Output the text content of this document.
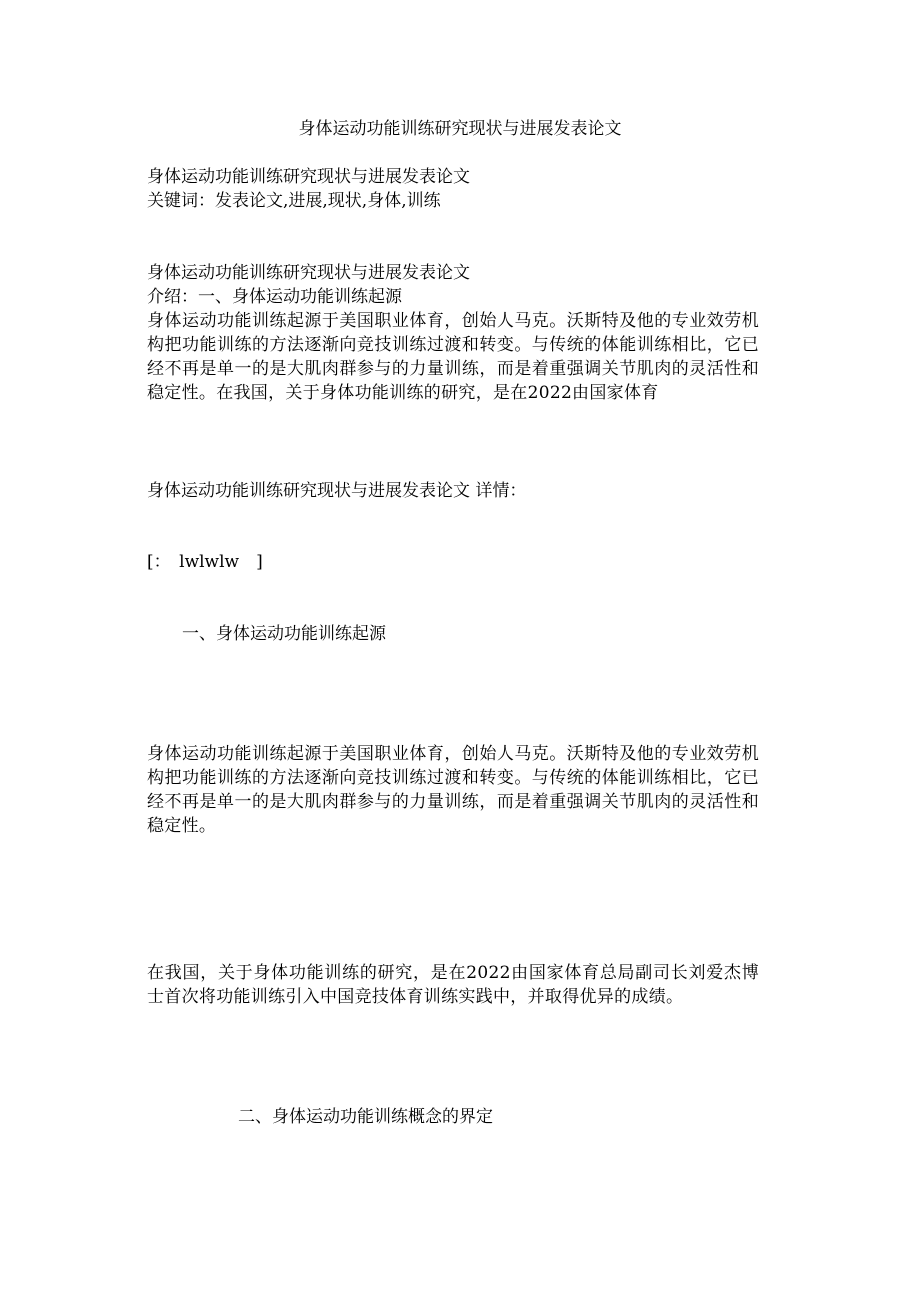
身体运动功能训练研究现状与进展发表论文

身体运动功能训练研究现状与进展发表论文

关键词：发表论文,进展,现状,身体,训练

身体运动功能训练研究现状与进展发表论文

介绍：一、身体运动功能训练起源

身体运动功能训练起源于美国职业体育，创始人马克。沃斯特及他的专业效劳机构把功能训练的方法逐渐向竞技训练过渡和转变。与传统的体能训练相比，它已经不再是单一的是大肌肉群参与的力量训练，而是着重强调关节肌肉的灵活性和稳定性。在我国，关于身体功能训练的研究，是在2022由国家体育

身体运动功能训练研究现状与进展发表论文 详情：

[：　lwlwlw　]

一、身体运动功能训练起源

身体运动功能训练起源于美国职业体育，创始人马克。沃斯特及他的专业效劳机构把功能训练的方法逐渐向竞技训练过渡和转变。与传统的体能训练相比，它已经不再是单一的是大肌肉群参与的力量训练，而是着重强调关节肌肉的灵活性和稳定性。

在我国，关于身体功能训练的研究，是在2022由国家体育总局副司长刘爱杰博士首次将功能训练引入中国竞技体育训练实践中，并取得优异的成绩。

二、身体运动功能训练概念的界定
